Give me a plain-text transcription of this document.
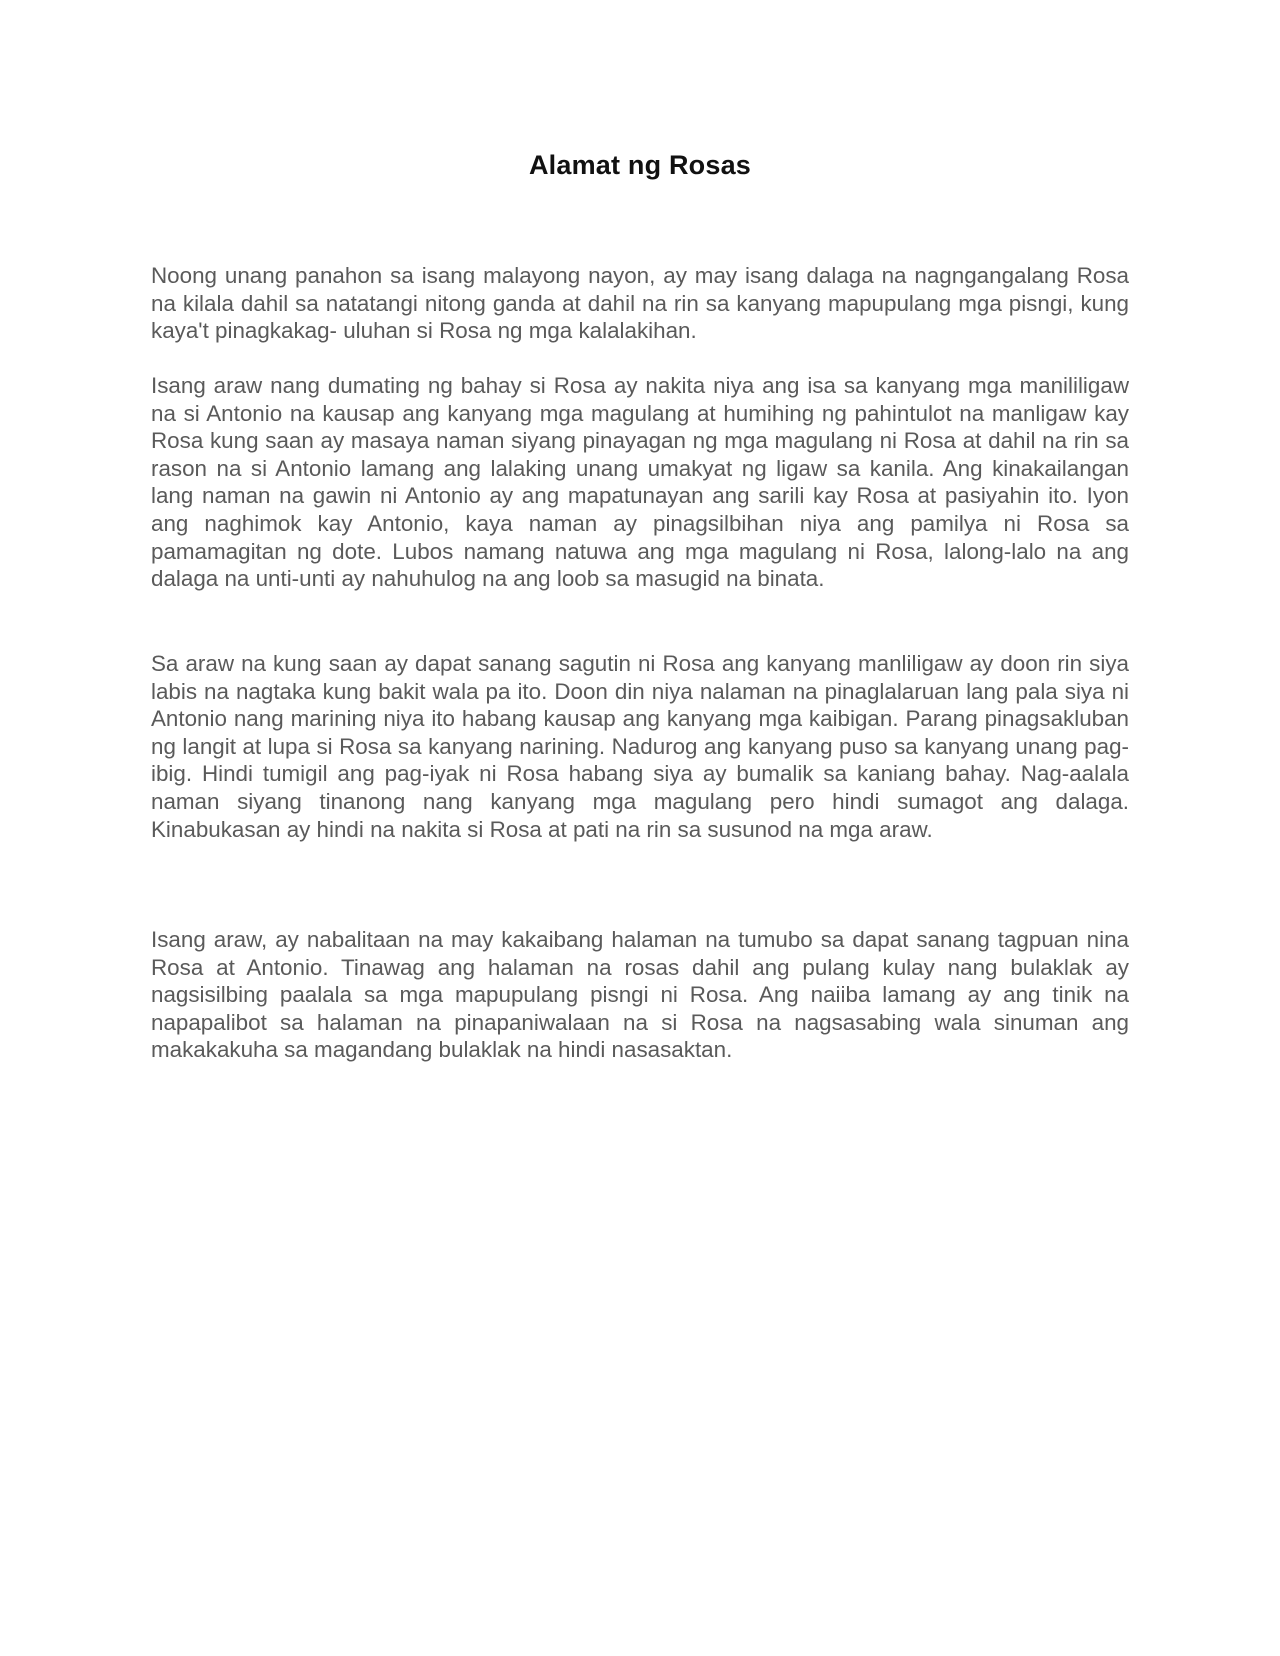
Alamat ng Rosas

Noong unang panahon sa isang malayong nayon, ay may isang dalaga na nagngangalang Rosa na kilala dahil sa natatangi nitong ganda at dahil na rin sa kanyang mapupulang mga pisngi, kung kaya't pinagkakag- uluhan si Rosa ng mga kalalakihan.

Isang araw nang dumating ng bahay si Rosa ay nakita niya ang isa sa kanyang mga manililigaw na si Antonio na kausap ang kanyang mga magulang at humihing ng pahintulot na manligaw kay Rosa kung saan ay masaya naman siyang pinayagan ng mga magulang ni Rosa at dahil na rin sa rason na si Antonio lamang ang lalaking unang umakyat ng ligaw sa kanila. Ang kinakailangan lang naman na gawin ni Antonio ay ang mapatunayan ang sarili kay Rosa at pasiyahin ito. Iyon ang naghimok kay Antonio, kaya naman ay pinagsilbihan niya ang pamilya ni Rosa sa pamamagitan ng dote. Lubos namang natuwa ang mga magulang ni Rosa, lalong-lalo na ang dalaga na unti-unti ay nahuhulog na ang loob sa masugid na binata.

Sa araw na kung saan ay dapat sanang sagutin ni Rosa ang kanyang manliligaw ay doon rin siya labis na nagtaka kung bakit wala pa ito. Doon din niya nalaman na pinaglalaruan lang pala siya ni Antonio nang marining niya ito habang kausap ang kanyang mga kaibigan. Parang pinagsakluban ng langit at lupa si Rosa sa kanyang narining. Nadurog ang kanyang puso sa kanyang unang pag-ibig. Hindi tumigil ang pag-iyak ni Rosa habang siya ay bumalik sa kaniang bahay. Nag-aalala naman siyang tinanong nang kanyang mga magulang pero hindi sumagot ang dalaga. Kinabukasan ay hindi na nakita si Rosa at pati na rin sa susunod na mga araw.

Isang araw, ay nabalitaan na may kakaibang halaman na tumubo sa dapat sanang tagpuan nina Rosa at Antonio. Tinawag ang halaman na rosas dahil ang pulang kulay nang bulaklak ay nagsisilbing paalala sa mga mapupulang pisngi ni Rosa. Ang naiiba lamang ay ang tinik na napapalibot sa halaman na pinapaniwalaan na si Rosa na nagsasabing wala sinuman ang makakakuha sa magandang bulaklak na hindi nasasaktan.
